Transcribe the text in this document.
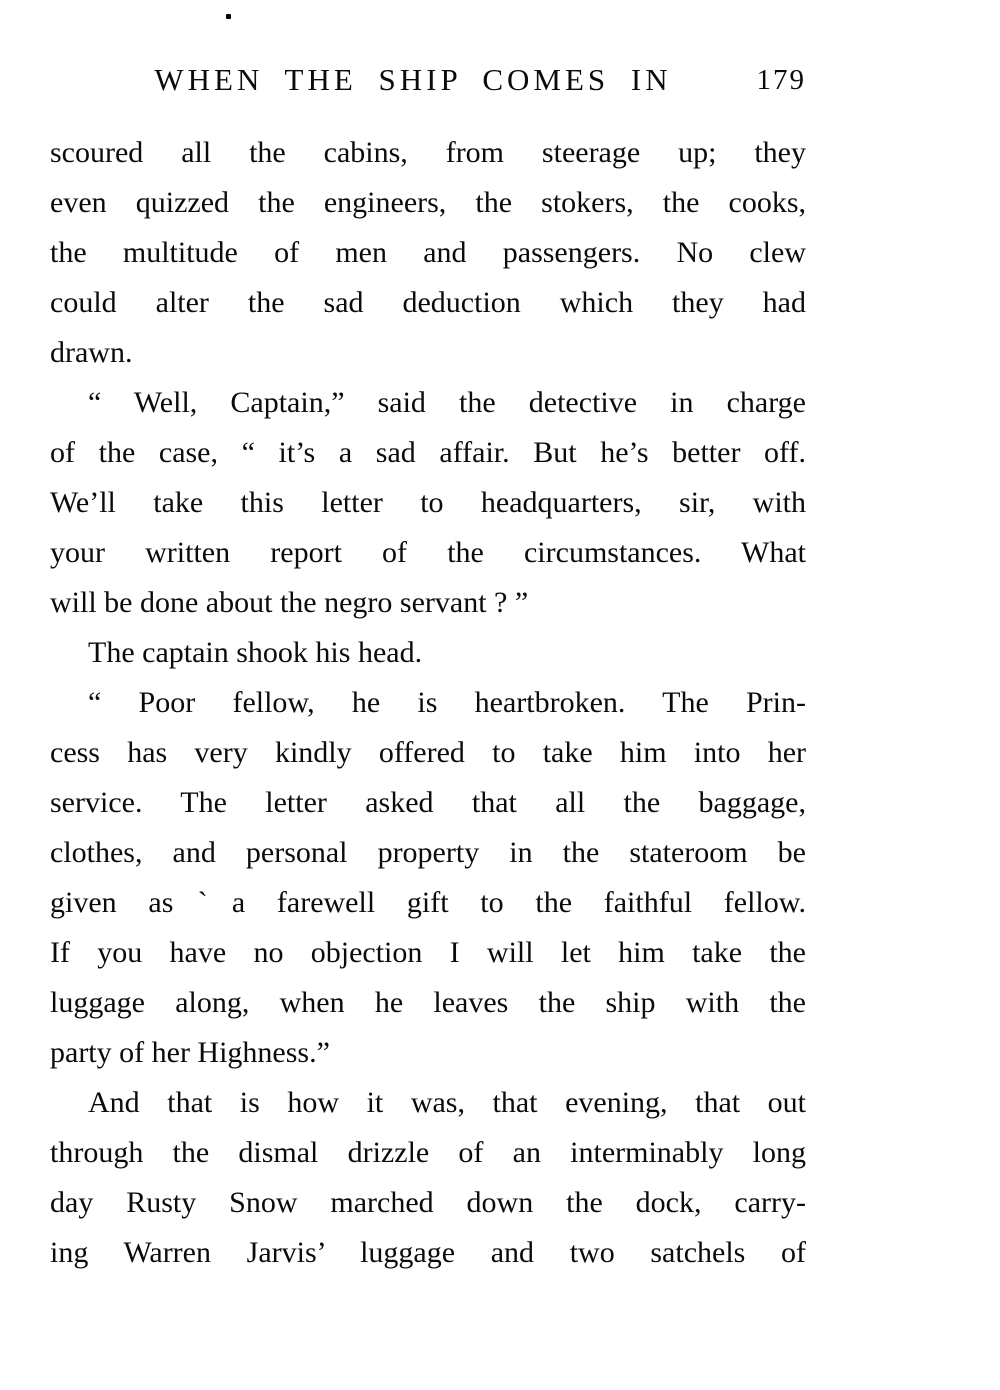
WHEN THE SHIP COMES IN	179
scoured all the cabins, from steerage up; they
even quizzed the engineers, the stokers, the cooks,
the multitude of men and passengers. No clew
could alter the sad deduction which they had
drawn.
“ Well, Captain,” said the detective in charge
of the case, “ it’s a sad affair. But he’s better off.
We’ll take this letter to headquarters, sir, with
your written report of the circumstances. What
will be done about the negro servant ? ”
The captain shook his head.
“ Poor fellow, he is heartbroken. The Prin-
cess has very kindly offered to take him into her
service. The letter asked that all the baggage,
clothes, and personal property in the stateroom be
given asˋa farewell gift to the faithful fellow.
If you have no objection I will let him take the
luggage along, when he leaves the ship with the
party of her Highness.”
And that is how it was, that evening, that out
through the dismal drizzle of an interminably long
day Rusty Snow marched down the dock, carry-
ing Warren Jarvis’ luggage and two satchels of
